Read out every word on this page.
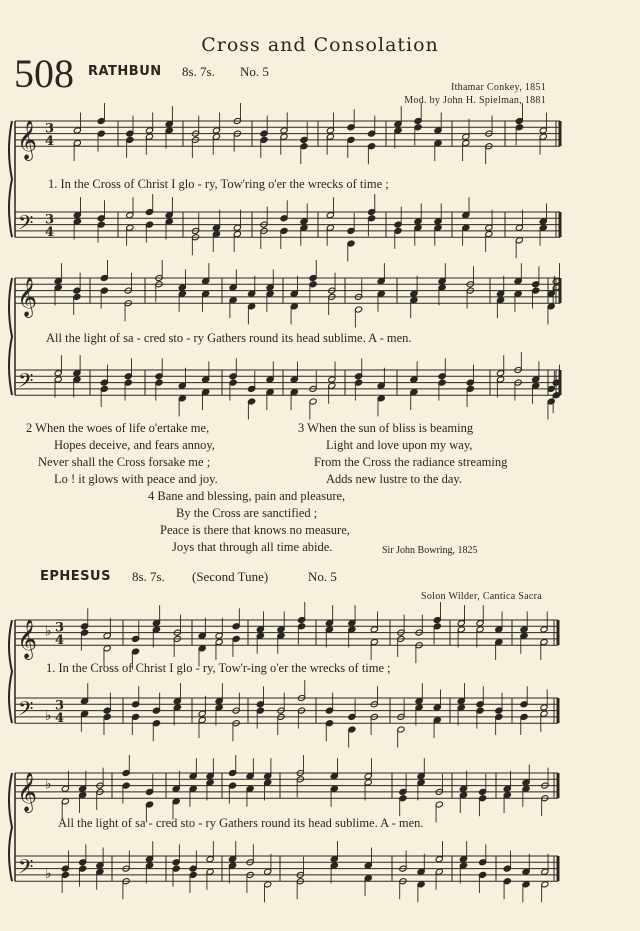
Cross and Consolation
508 RATHBUN 8s. 7s. No. 5
Ithamar Conkey, 1851
Mod. by John H. Spielman, 1881
𝄞
𝄢
3
4
3
4
𝄞
𝄢
𝄞
𝄢
♭
♭
3
4
3
4
𝄞
𝄢
♭
♭
1. In the Cross of Christ I glo - ry, Tow'ring o'er the wrecks of time ;
All the light of sa - cred sto - ry Gathers round its head sublime. A - men.
2 When the woes of life o'ertake me,
Hopes deceive, and fears annoy,
Never shall the Cross forsake me ;
Lo ! it glows with peace and joy.
3 When the sun of bliss is beaming
Light and love upon my way,
From the Cross the radiance streaming
Adds new lustre to the day.
4 Bane and blessing, pain and pleasure,
By the Cross are sanctified ;
Peace is there that knows no measure,
Joys that through all time abide.	Sir John Bowring, 1825
EPHESUS 8s. 7s. (Second Tune)	No. 5
Solon Wilder, Cantica Sacra
1. In the Cross of Christ I glo - ry, Tow'r-ing o'er the wrecks of time ;
All the light of sa - cred sto - ry Gathers round its head sublime. A - men.
